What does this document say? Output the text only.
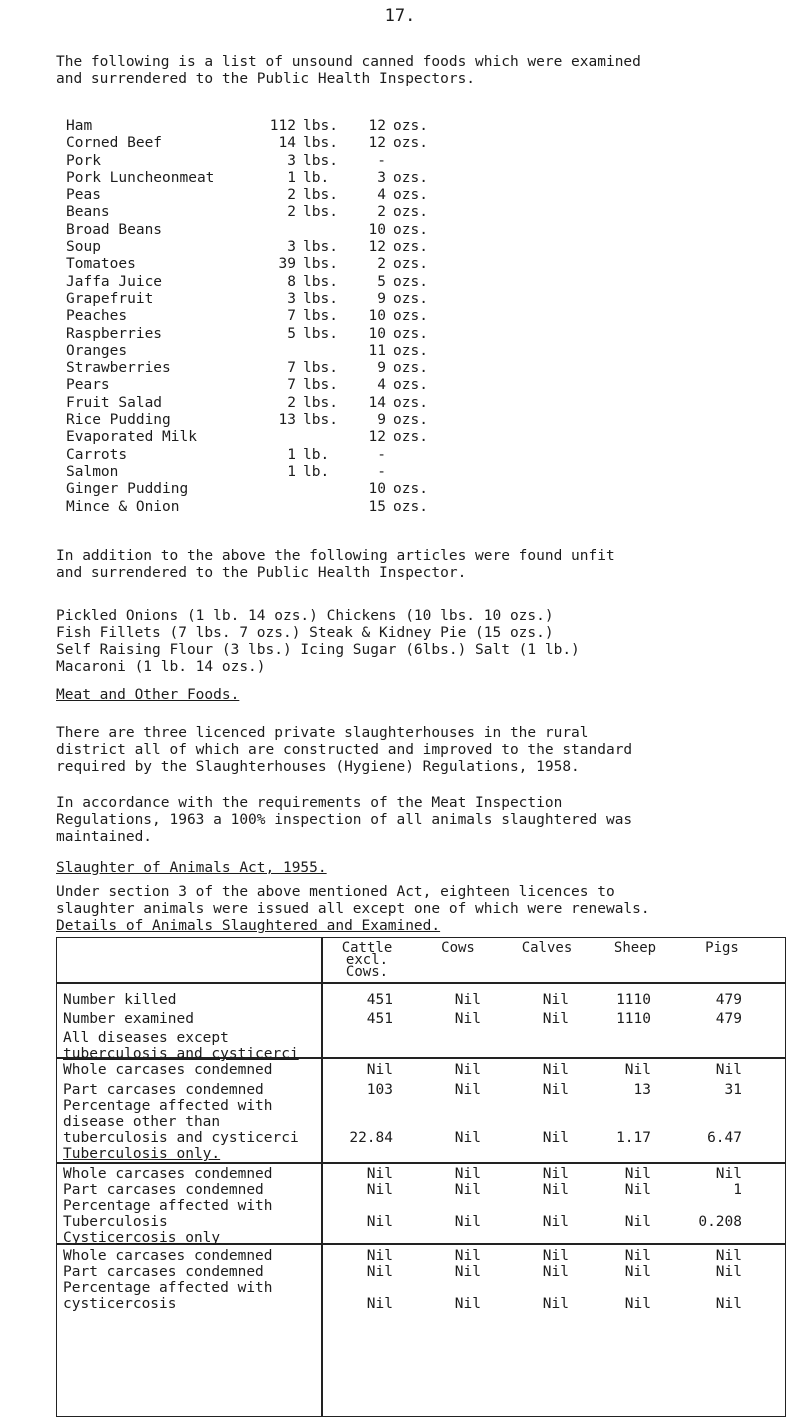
17.

The following is a list of unsound canned foods which were examined
and surrendered to the Public Health Inspectors.

Ham	112 lbs.	12 ozs.
Corned Beef	14 lbs.	12 ozs.
Pork	3 lbs.	-
Pork Luncheonmeat	1 lb.	3 ozs.
Peas	2 lbs.	4 ozs.
Beans	2 lbs.	2 ozs.
Broad Beans	10 ozs.
Soup	3 lbs.	12 ozs.
Tomatoes	39 lbs.	2 ozs.
Jaffa Juice	8 lbs.	5 ozs.
Grapefruit	3 lbs.	9 ozs.
Peaches	7 lbs.	10 ozs.
Raspberries	5 lbs.	10 ozs.
Oranges	11 ozs.
Strawberries	7 lbs.	9 ozs.
Pears	7 lbs.	4 ozs.
Fruit Salad	2 lbs.	14 ozs.
Rice Pudding	13 lbs.	9 ozs.
Evaporated Milk	12 ozs.
Carrots	1 lb.	-
Salmon	1 lb.	-
Ginger Pudding	10 ozs.
Mince & Onion	15 ozs.

In addition to the above the following articles were found unfit
and surrendered to the Public Health Inspector.

Pickled Onions (1 lb. 14 ozs.) Chickens (10 lbs. 10 ozs.)
Fish Fillets (7 lbs. 7 ozs.) Steak & Kidney Pie (15 ozs.)
Self Raising Flour (3 lbs.) Icing Sugar (6lbs.) Salt (1 lb.)
Macaroni (1 lb. 14 ozs.)

Meat and Other Foods.

There are three licenced private slaughterhouses in the rural
district all of which are constructed and improved to the standard
required by the Slaughterhouses (Hygiene) Regulations, 1958.

In accordance with the requirements of the Meat Inspection
Regulations, 1963 a 100% inspection of all animals slaughtered was
maintained.

Slaughter of Animals Act, 1955.

Under section 3 of the above mentioned Act, eighteen licences to
slaughter animals were issued all except one of which were renewals.

Details of Animals Slaughtered and Examined.
Cattle
excl.
Cows.
Cows	Calves	Sheep	Pigs
Number killed	451	Nil	Nil	1110	479
Number examined	451	Nil	Nil	1110	479
All diseases except
tuberculosis and cysticerci
Whole carcases condemned	Nil	Nil	Nil	Nil	Nil
Part carcases condemned	103	Nil	Nil	13	31
Percentage affected with
disease other than
tuberculosis and cysticerci	22.84	Nil	Nil	1.17	6.47
Tuberculosis only.
Whole carcases condemned	Nil	Nil	Nil	Nil	Nil
Part carcases condemned	Nil	Nil	Nil	Nil	1
Percentage affected with
Tuberculosis	Nil	Nil	Nil	Nil	0.208
Cysticercosis only
Whole carcases condemned	Nil	Nil	Nil	Nil	Nil
Part carcases condemned	Nil	Nil	Nil	Nil	Nil
Percentage affected with
cysticercosis	Nil	Nil	Nil	Nil	Nil
